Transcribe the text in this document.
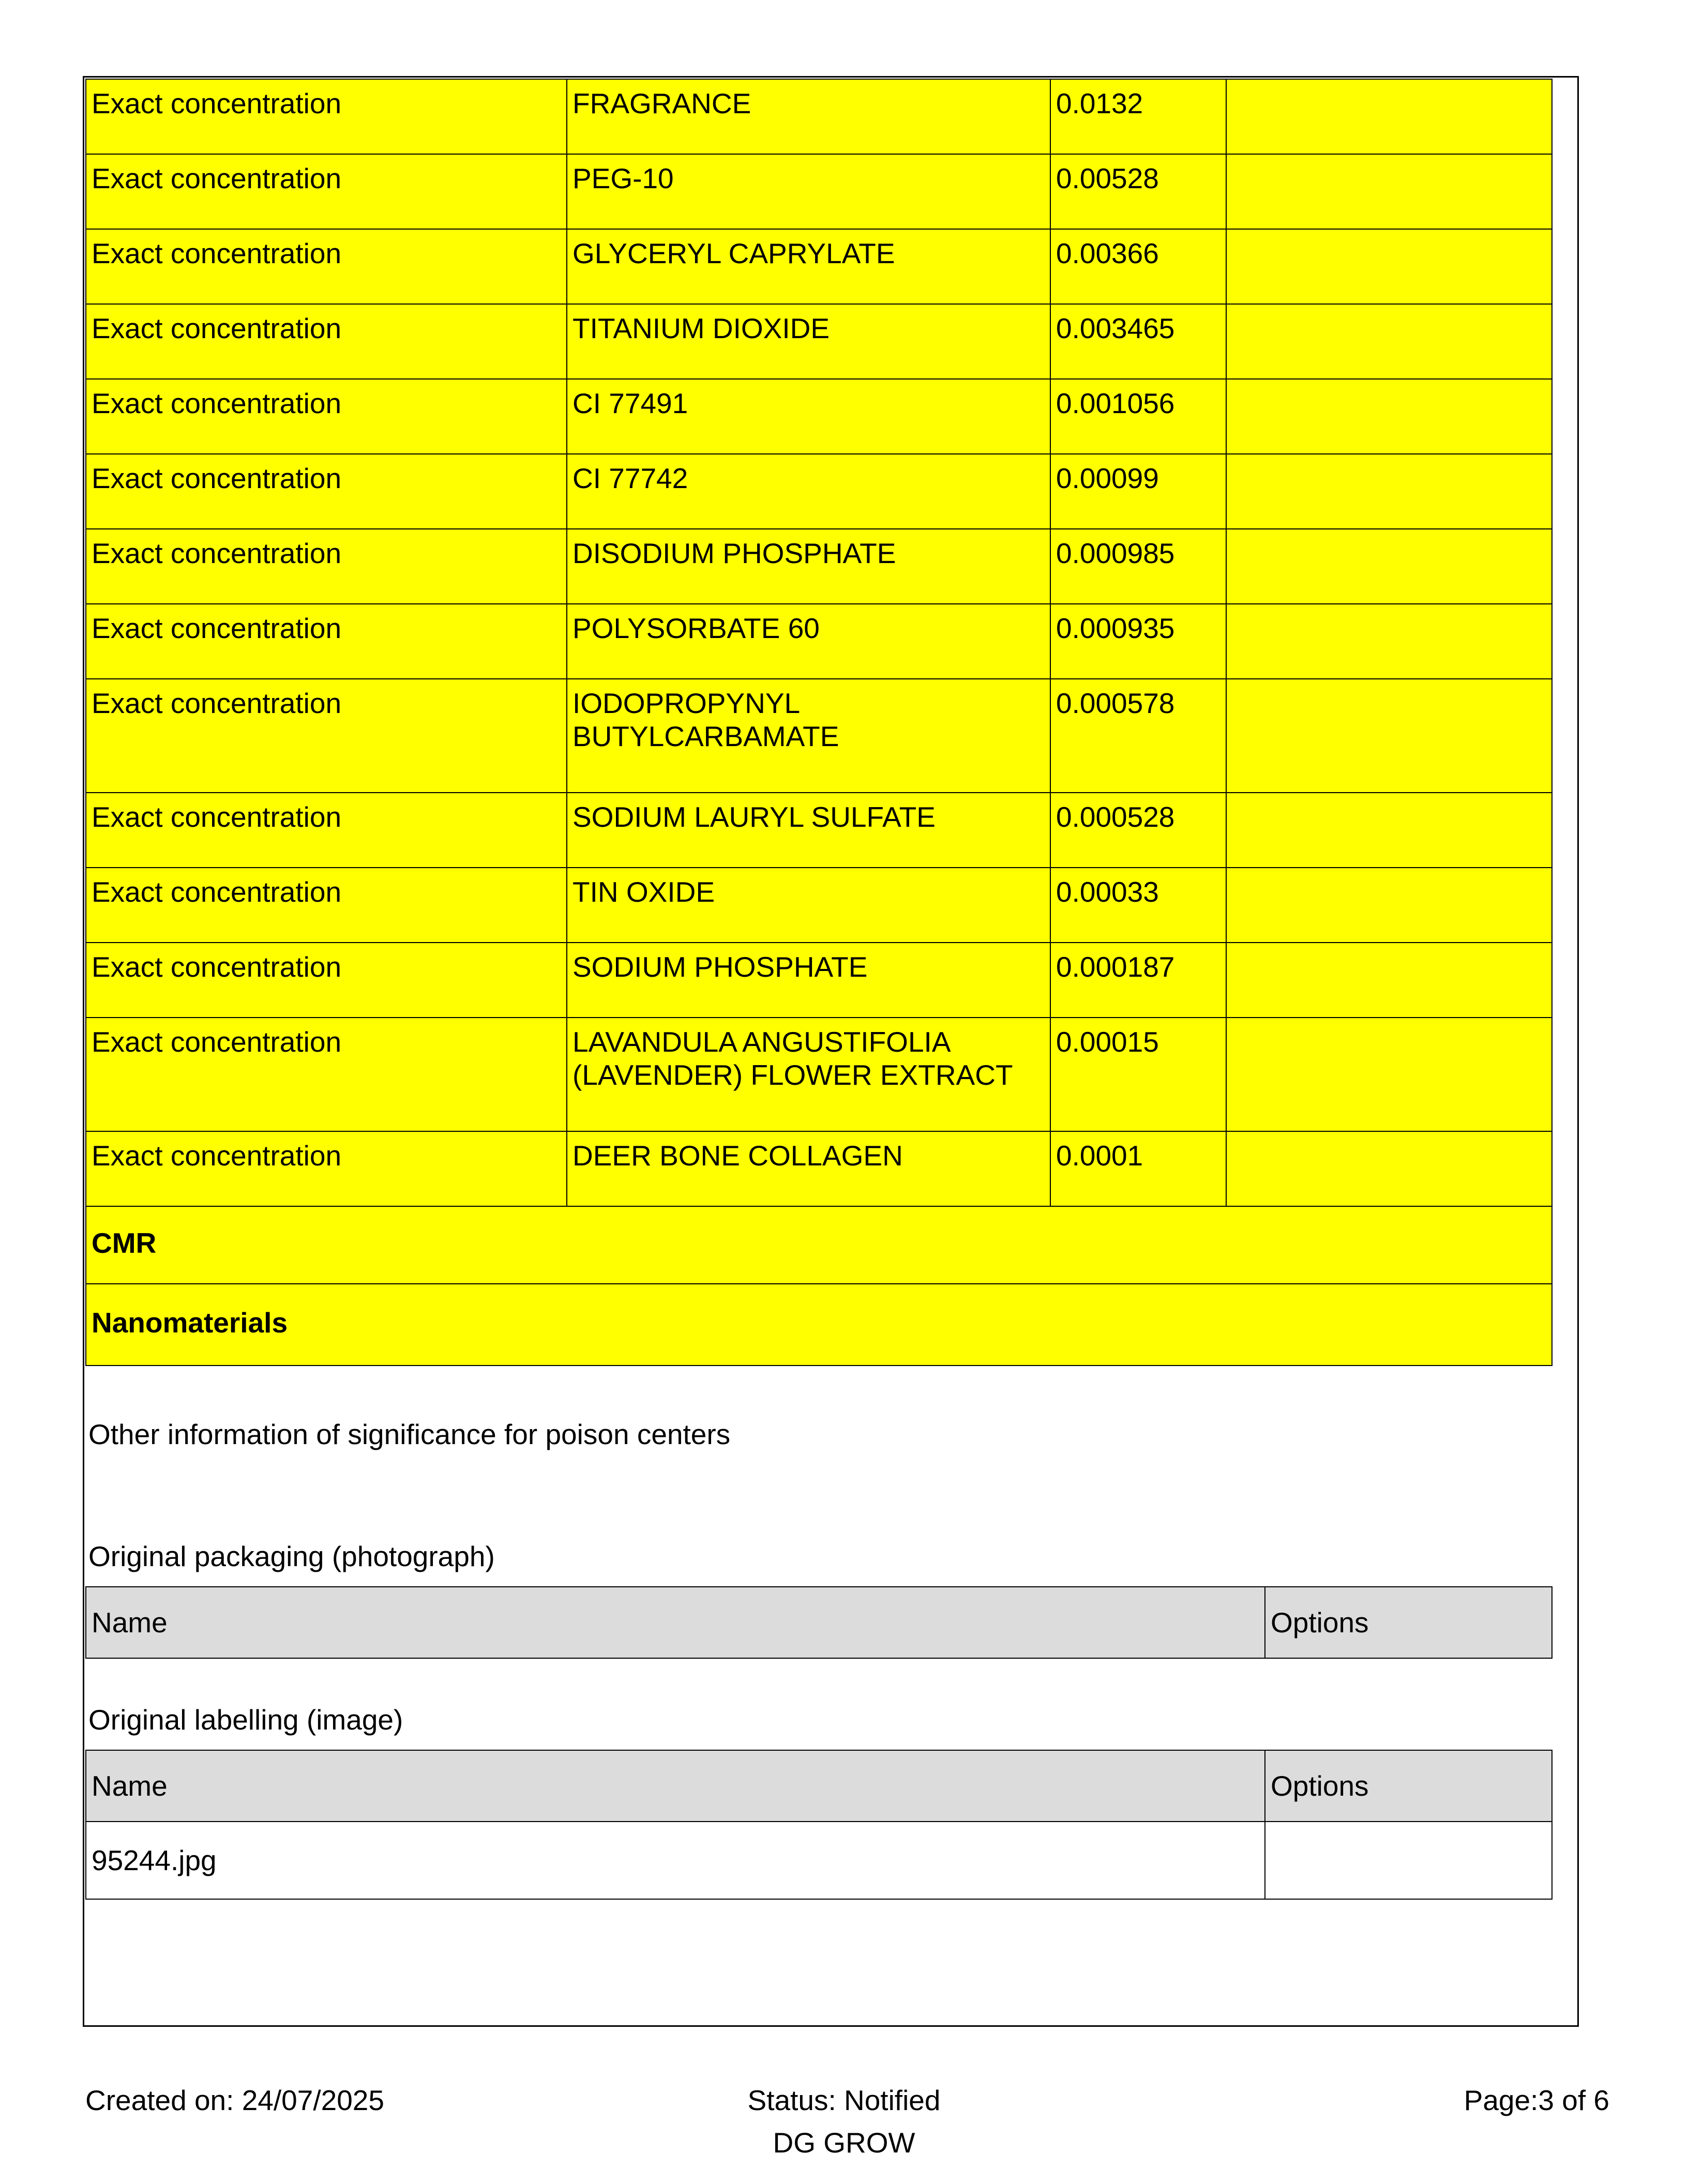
Exact concentration	FRAGRANCE	0.0132	
Exact concentration	PEG-10	0.00528	
Exact concentration	GLYCERYL CAPRYLATE	0.00366	
Exact concentration	TITANIUM DIOXIDE	0.003465	
Exact concentration	CI 77491	0.001056	
Exact concentration	CI 77742	0.00099	
Exact concentration	DISODIUM PHOSPHATE	0.000985	
Exact concentration	POLYSORBATE 60	0.000935	
Exact concentration	IODOPROPYNYL BUTYLCARBAMATE	0.000578	
Exact concentration	SODIUM LAURYL SULFATE	0.000528	
Exact concentration	TIN OXIDE	0.00033	
Exact concentration	SODIUM PHOSPHATE	0.000187	
Exact concentration	LAVANDULA ANGUSTIFOLIA (LAVENDER) FLOWER EXTRACT	0.00015	
Exact concentration	DEER BONE COLLAGEN	0.0001	
CMR			
Nanomaterials			
Other information of significance for poison centers
Original packaging (photograph)
Name	Options
Original labelling (image)
Name	Options
95244.jpg	
Created on: 24/07/2025	Status: Notified	Page:3 of 6
DG GROW
